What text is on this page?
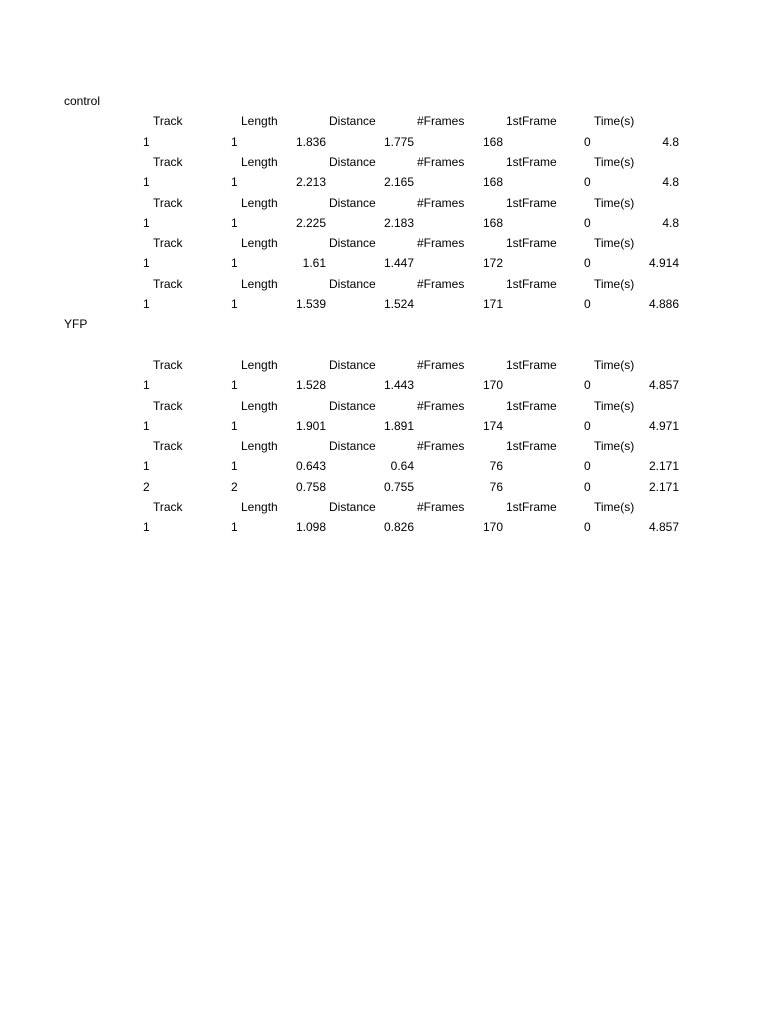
control
Track	Length	Distance	#Frames	1stFrame	Time(s)
1	1	1.836	1.775	168	0	4.8
Track	Length	Distance	#Frames	1stFrame	Time(s)
1	1	2.213	2.165	168	0	4.8
Track	Length	Distance	#Frames	1stFrame	Time(s)
1	1	2.225	2.183	168	0	4.8
Track	Length	Distance	#Frames	1stFrame	Time(s)
1	1	1.61	1.447	172	0	4.914
Track	Length	Distance	#Frames	1stFrame	Time(s)
1	1	1.539	1.524	171	0	4.886
YFP
Track	Length	Distance	#Frames	1stFrame	Time(s)
1	1	1.528	1.443	170	0	4.857
Track	Length	Distance	#Frames	1stFrame	Time(s)
1	1	1.901	1.891	174	0	4.971
Track	Length	Distance	#Frames	1stFrame	Time(s)
1	1	0.643	0.64	76	0	2.171
2	2	0.758	0.755	76	0	2.171
Track	Length	Distance	#Frames	1stFrame	Time(s)
1	1	1.098	0.826	170	0	4.857
